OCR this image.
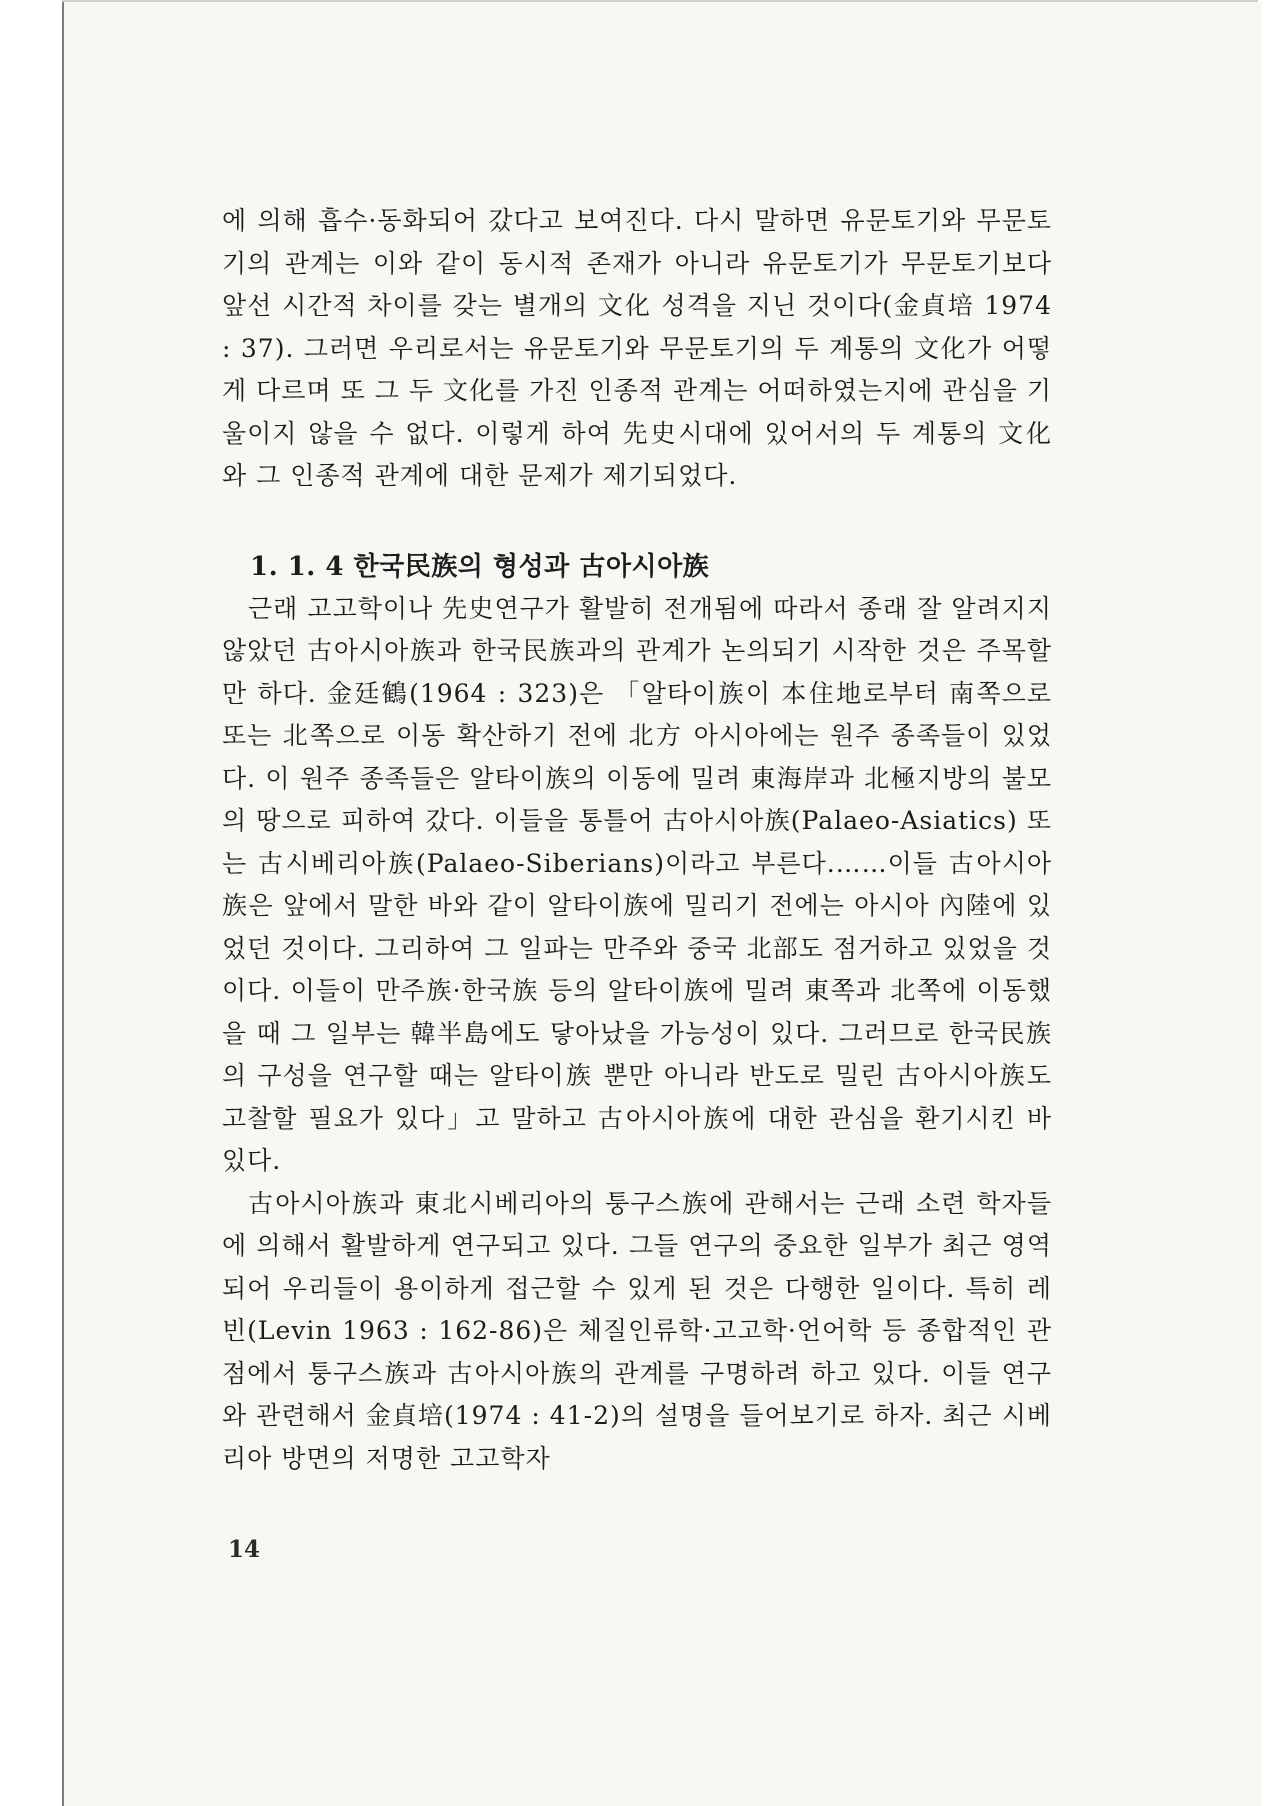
에 의해 흡수·동화되어 갔다고 보여진다. 다시 말하면 유문토기와 무문토기의 관계는 이와 같이 동시적 존재가 아니라 유문토기가 무문토기보다 앞선 시간적 차이를 갖는 별개의 文化 성격을 지닌 것이다(金貞培 1974 : 37). 그러면 우리로서는 유문토기와 무문토기의 두 계통의 文化가 어떻게 다르며 또 그 두 文化를 가진 인종적 관계는 어떠하였는지에 관심을 기울이지 않을 수 없다. 이렇게 하여 先史시대에 있어서의 두 계통의 文化와 그 인종적 관계에 대한 문제가 제기되었다.

1. 1. 4 한국民族의 형성과 古아시아族

근래 고고학이나 先史연구가 활발히 전개됨에 따라서 종래 잘 알려지지 않았던 古아시아族과 한국民族과의 관계가 논의되기 시작한 것은 주목할만 하다. 金廷鶴(1964 : 323)은 「알타이族이 本住地로부터 南쪽으로 또는 北쪽으로 이동 확산하기 전에 北方 아시아에는 원주 종족들이 있었다. 이 원주 종족들은 알타이族의 이동에 밀려 東海岸과 北極지방의 불모의 땅으로 피하여 갔다. 이들을 통틀어 古아시아族(Palaeo-Asiatics) 또는 古시베리아族(Palaeo-Siberians)이라고 부른다.……이들 古아시아族은 앞에서 말한 바와 같이 알타이族에 밀리기 전에는 아시아 內陸에 있었던 것이다. 그리하여 그 일파는 만주와 중국 北部도 점거하고 있었을 것이다. 이들이 만주族·한국族 등의 알타이族에 밀려 東쪽과 北쪽에 이동했을 때 그 일부는 韓半島에도 닿아났을 가능성이 있다. 그러므로 한국民族의 구성을 연구할 때는 알타이族 뿐만 아니라 반도로 밀린 古아시아族도 고찰할 필요가 있다」고 말하고 古아시아族에 대한 관심을 환기시킨 바 있다.

古아시아族과 東北시베리아의 퉁구스族에 관해서는 근래 소련 학자들에 의해서 활발하게 연구되고 있다. 그들 연구의 중요한 일부가 최근 영역되어 우리들이 용이하게 접근할 수 있게 된 것은 다행한 일이다. 특히 레빈(Levin 1963 : 162-86)은 체질인류학·고고학·언어학 등 종합적인 관점에서 퉁구스族과 古아시아族의 관계를 구명하려 하고 있다. 이들 연구와 관련해서 金貞培(1974 : 41-2)의 설명을 들어보기로 하자. 최근 시베리아 방면의 저명한 고고학자

14
